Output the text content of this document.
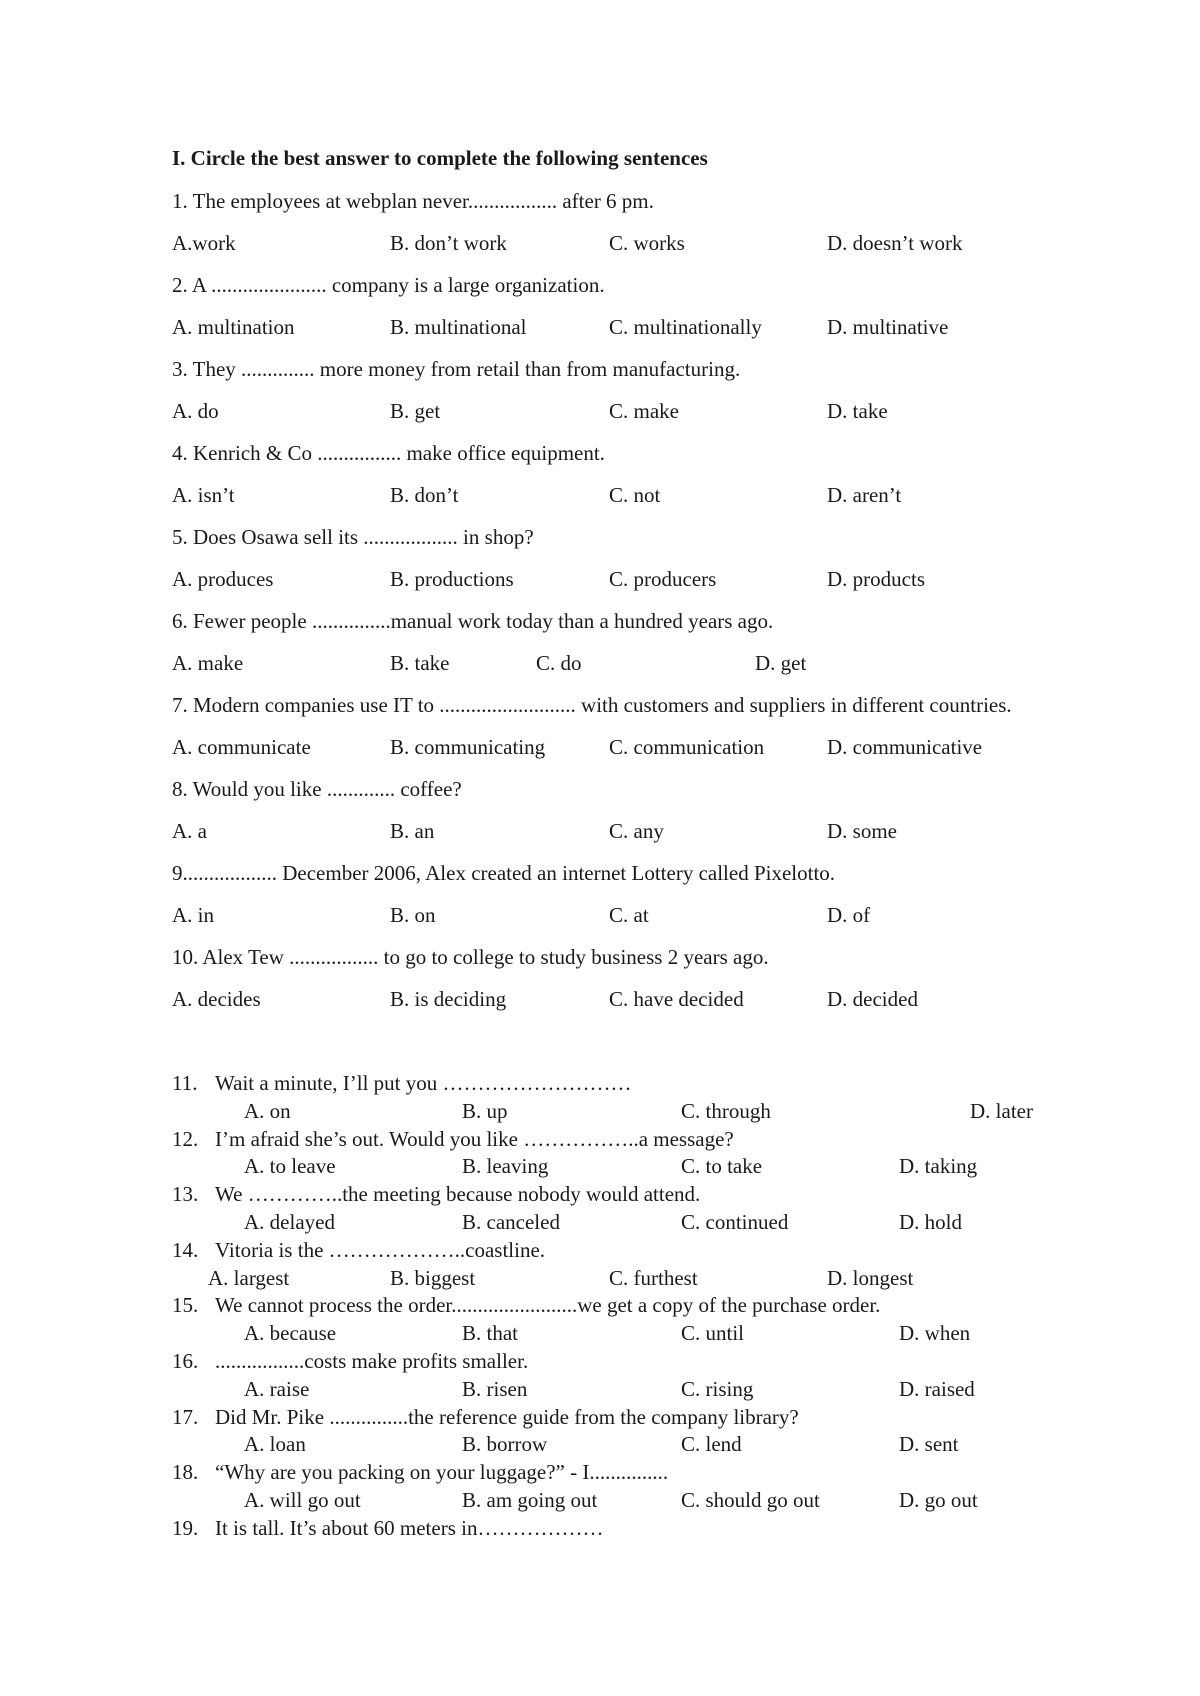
I. Circle the best answer to complete the following sentences
1. The employees at webplan never................. after 6 pm.
A.work	B. don’t work	C. works	D. doesn’t work
2. A ...................... company is a large organization.
A. multination	B. multinational	C. multinationally	D. multinative
3. They .............. more money from retail than from manufacturing.
A. do	B. get	C. make	D. take
4. Kenrich & Co ................ make office equipment.
A. isn’t	B. don’t	C. not	D. aren’t
5. Does Osawa sell its .................. in shop?
A. produces	B. productions	C. producers	D. products
6. Fewer people ...............manual work today than a hundred years ago.
A. make	B. take	C. do	D. get
7. Modern companies use IT to .......................... with customers and suppliers in different countries.
A. communicate	B. communicating	C. communication	D. communicative
8. Would you like ............. coffee?
A. a	B. an	C. any	D. some
9.................. December 2006, Alex created an internet Lottery called Pixelotto.
A. in	B. on	C. at	D. of
10. Alex Tew ................. to go to college to study business 2 years ago.
A. decides	B. is deciding	C. have decided	D. decided
11. Wait a minute, I’ll put you ………………………
A. on	B. up	C. through	D. later
12. I’m afraid she’s out. Would you like ……………..a message?
A. to leave	B. leaving	C. to take	D. taking
13. We …………..the meeting because nobody would attend.
A. delayed	B. canceled	C. continued	D. hold
14. Vitoria is the ………………..coastline.
A. largest	B. biggest	C. furthest	D. longest
15. We cannot process the order........................we get a copy of the purchase order.
A. because	B. that	C. until	D. when
16. .................costs make profits smaller.
A. raise	B. risen	C. rising	D. raised
17. Did Mr. Pike ...............the reference guide from the company library?
A. loan	B. borrow	C. lend	D. sent
18. “Why are you packing on your luggage?” - I...............
A. will go out	B. am going out	C. should go out	D. go out
19. It is tall. It’s about 60 meters in………………
